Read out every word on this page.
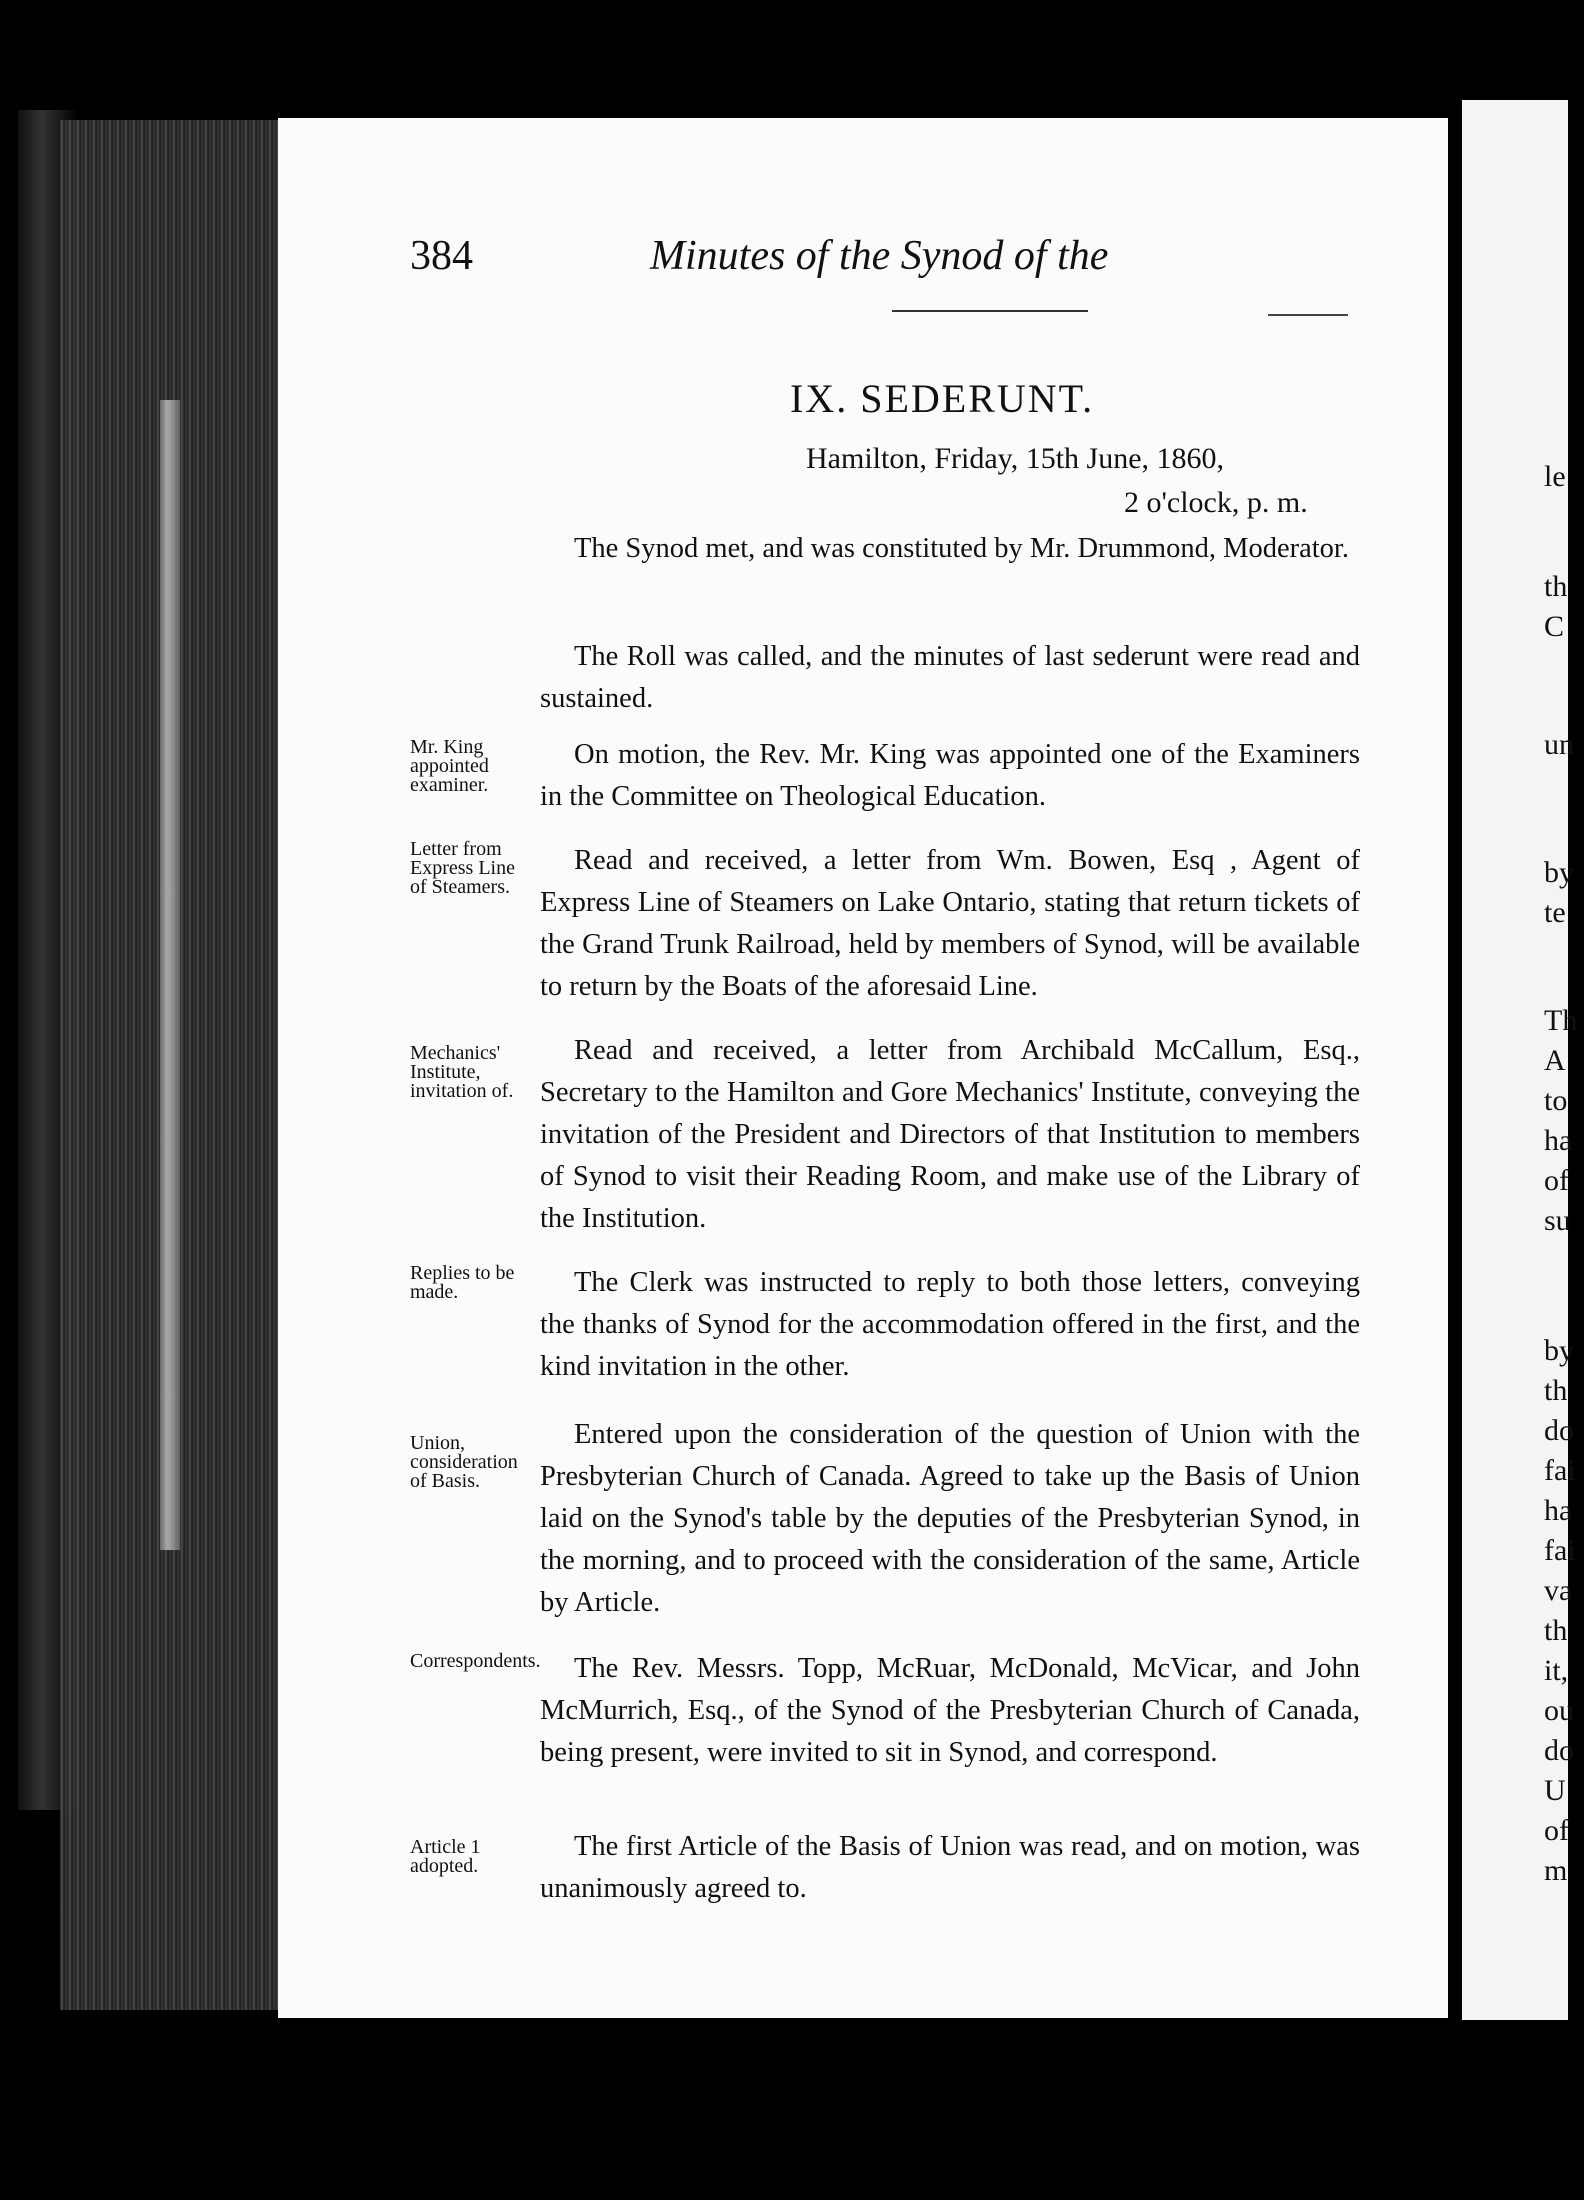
le
th
C
un
by
te
Th
A
to
ha
of
su
by
th
do
fai
ha
fai
va
th
it,
ou
do
U
of
m
384	Minutes of the Synod of the
IX. SEDERUNT.
Hamilton, Friday, 15th June, 1860,
2 o'clock, p. m.

The Synod met, and was constituted by Mr. Drummond, Moderator.

The Roll was called, and the minutes of last sederunt were read and sustained.

Mr. King appointed examiner.

On motion, the Rev. Mr. King was appointed one of the Examiners in the Committee on Theological Education.

Letter from Express Line of Steamers.

Read and received, a letter from Wm. Bowen, Esq , Agent of Express Line of Steamers on Lake Ontario, stating that return tickets of the Grand Trunk Railroad, held by members of Synod, will be available to return by the Boats of the aforesaid Line.

Mechanics' Institute, invitation of.

Read and received, a letter from Archibald McCallum, Esq., Secretary to the Hamilton and Gore Mechanics' Institute, conveying the invitation of the President and Directors of that Institution to members of Synod to visit their Reading Room, and make use of the Library of the Institution.

Replies to be made.	The Clerk was instructed to reply to both those letters, conveying the thanks of Synod for the accommodation offered in the first, and the kind invitation in the other.

Union, consideration of Basis.

Entered upon the consideration of the question of Union with the Presbyterian Church of Canada. Agreed to take up the Basis of Union laid on the Synod's table by the deputies of the Presbyterian Synod, in the morning, and to proceed with the consideration of the same, Article by Article.

Correspondents.	The Rev. Messrs. Topp, McRuar, McDonald, McVicar, and John McMurrich, Esq., of the Synod of the Presbyterian Church of Canada, being present, were invited to sit in Synod, and correspond.

Article 1 adopted.

The first Article of the Basis of Union was read, and on motion, was unanimously agreed to.
